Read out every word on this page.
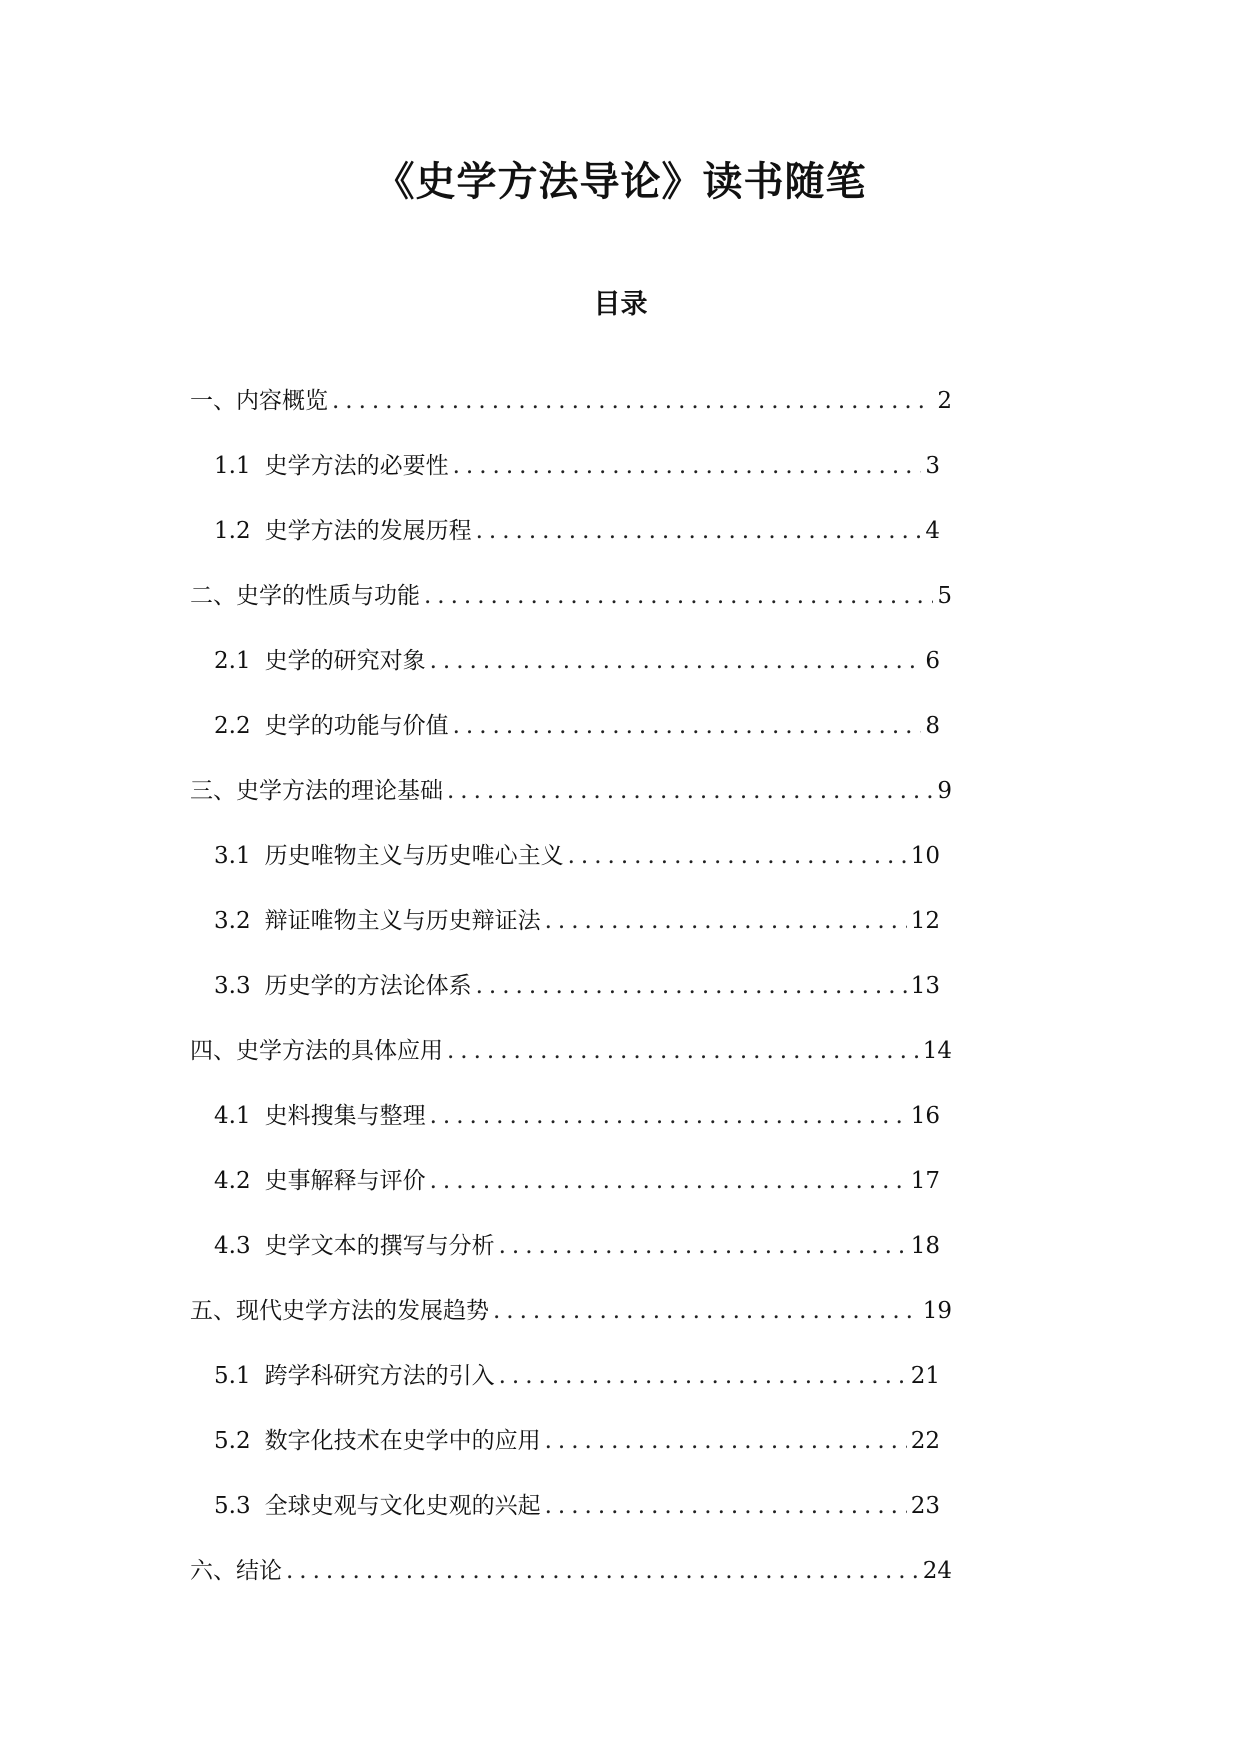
《史学方法导论》读书随笔
目录
一、内容概览 .....	2
1.1 史学方法的必要性 .....	3
1.2 史学方法的发展历程 .....	4
二、史学的性质与功能 .....	5
2.1 史学的研究对象 .....	6
2.2 史学的功能与价值 .....	8
三、史学方法的理论基础 .....	9
3.1 历史唯物主义与历史唯心主义 .....	10
3.2 辩证唯物主义与历史辩证法 .....	12
3.3 历史学的方法论体系 .....	13
四、史学方法的具体应用 .....	14
4.1 史料搜集与整理 .....	16
4.2 史事解释与评价 .....	17
4.3 史学文本的撰写与分析 .....	18
五、现代史学方法的发展趋势 .....	19
5.1 跨学科研究方法的引入 .....	21
5.2 数字化技术在史学中的应用 .....	22
5.3 全球史观与文化史观的兴起 .....	23
六、结论 .....	24
